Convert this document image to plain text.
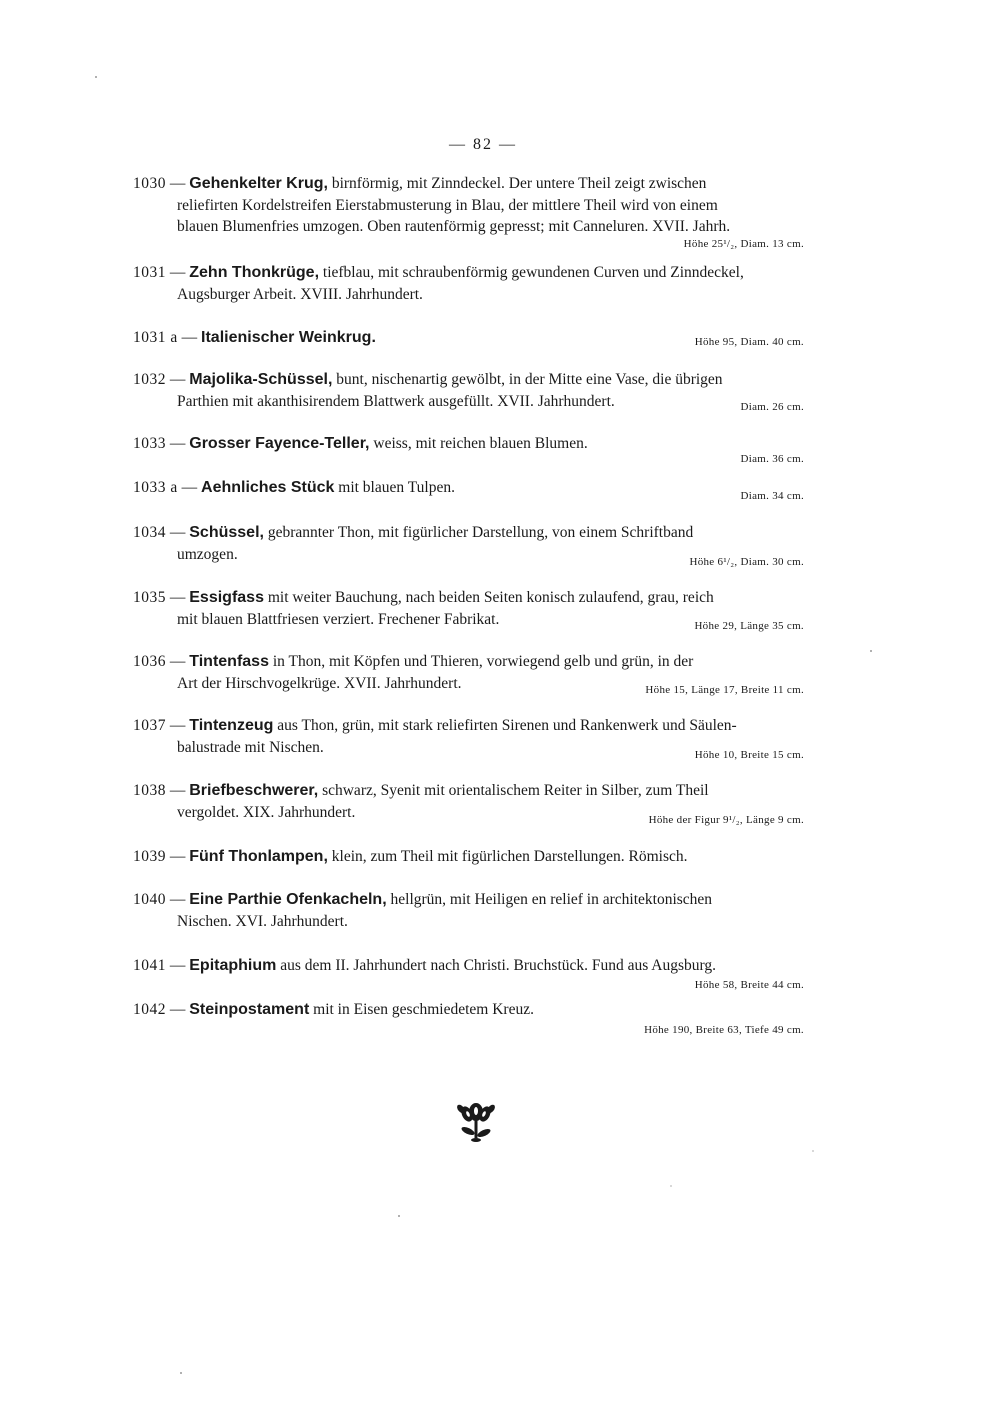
— 82 —
1030 — Gehenkelter Krug, birnförmig, mit Zinndeckel. Der untere Theil zeigt zwischen
reliefirten Kordelstreifen Eierstabmusterung in Blau, der mittlere Theil wird von einem
blauen Blumenfries umzogen. Oben rautenförmig gepresst; mit Canneluren. XVII. Jahrh.
Höhe 25¹/₂, Diam. 13 cm.
1031 — Zehn Thonkrüge, tiefblau, mit schraubenförmig gewundenen Curven und Zinndeckel,
Augsburger Arbeit. XVIII. Jahrhundert.
1031 a — Italienischer Weinkrug.	Höhe 95, Diam. 40 cm.
1032 — Majolika-Schüssel, bunt, nischenartig gewölbt, in der Mitte eine Vase, die übrigen
Parthien mit akanthisirendem Blattwerk ausgefüllt. XVII. Jahrhundert.	Diam. 26 cm.
1033 — Grosser Fayence-Teller, weiss, mit reichen blauen Blumen.
Diam. 36 cm.
1033 a — Aehnliches Stück mit blauen Tulpen.	Diam. 34 cm.
1034 — Schüssel, gebrannter Thon, mit figürlicher Darstellung, von einem Schriftband
umzogen.	Höhe 6¹/₂, Diam. 30 cm.
1035 — Essigfass mit weiter Bauchung, nach beiden Seiten konisch zulaufend, grau, reich
mit blauen Blattfriesen verziert. Frechener Fabrikat.	Höhe 29, Länge 35 cm.
1036 — Tintenfass in Thon, mit Köpfen und Thieren, vorwiegend gelb und grün, in der
Art der Hirschvogelkrüge. XVII. Jahrhundert.	Höhe 15, Länge 17, Breite 11 cm.
1037 — Tintenzeug aus Thon, grün, mit stark reliefirten Sirenen und Rankenwerk und Säulen-
balustrade mit Nischen.	Höhe 10, Breite 15 cm.
1038 — Briefbeschwerer, schwarz, Syenit mit orientalischem Reiter in Silber, zum Theil
vergoldet. XIX. Jahrhundert.	Höhe der Figur 9¹/₂, Länge 9 cm.
1039 — Fünf Thonlampen, klein, zum Theil mit figürlichen Darstellungen. Römisch.
1040 — Eine Parthie Ofenkacheln, hellgrün, mit Heiligen en relief in architektonischen
Nischen. XVI. Jahrhundert.
1041 — Epitaphium aus dem II. Jahrhundert nach Christi. Bruchstück. Fund aus Augsburg.
Höhe 58, Breite 44 cm.
1042 — Steinpostament mit in Eisen geschmiedetem Kreuz.
Höhe 190, Breite 63, Tiefe 49 cm.
